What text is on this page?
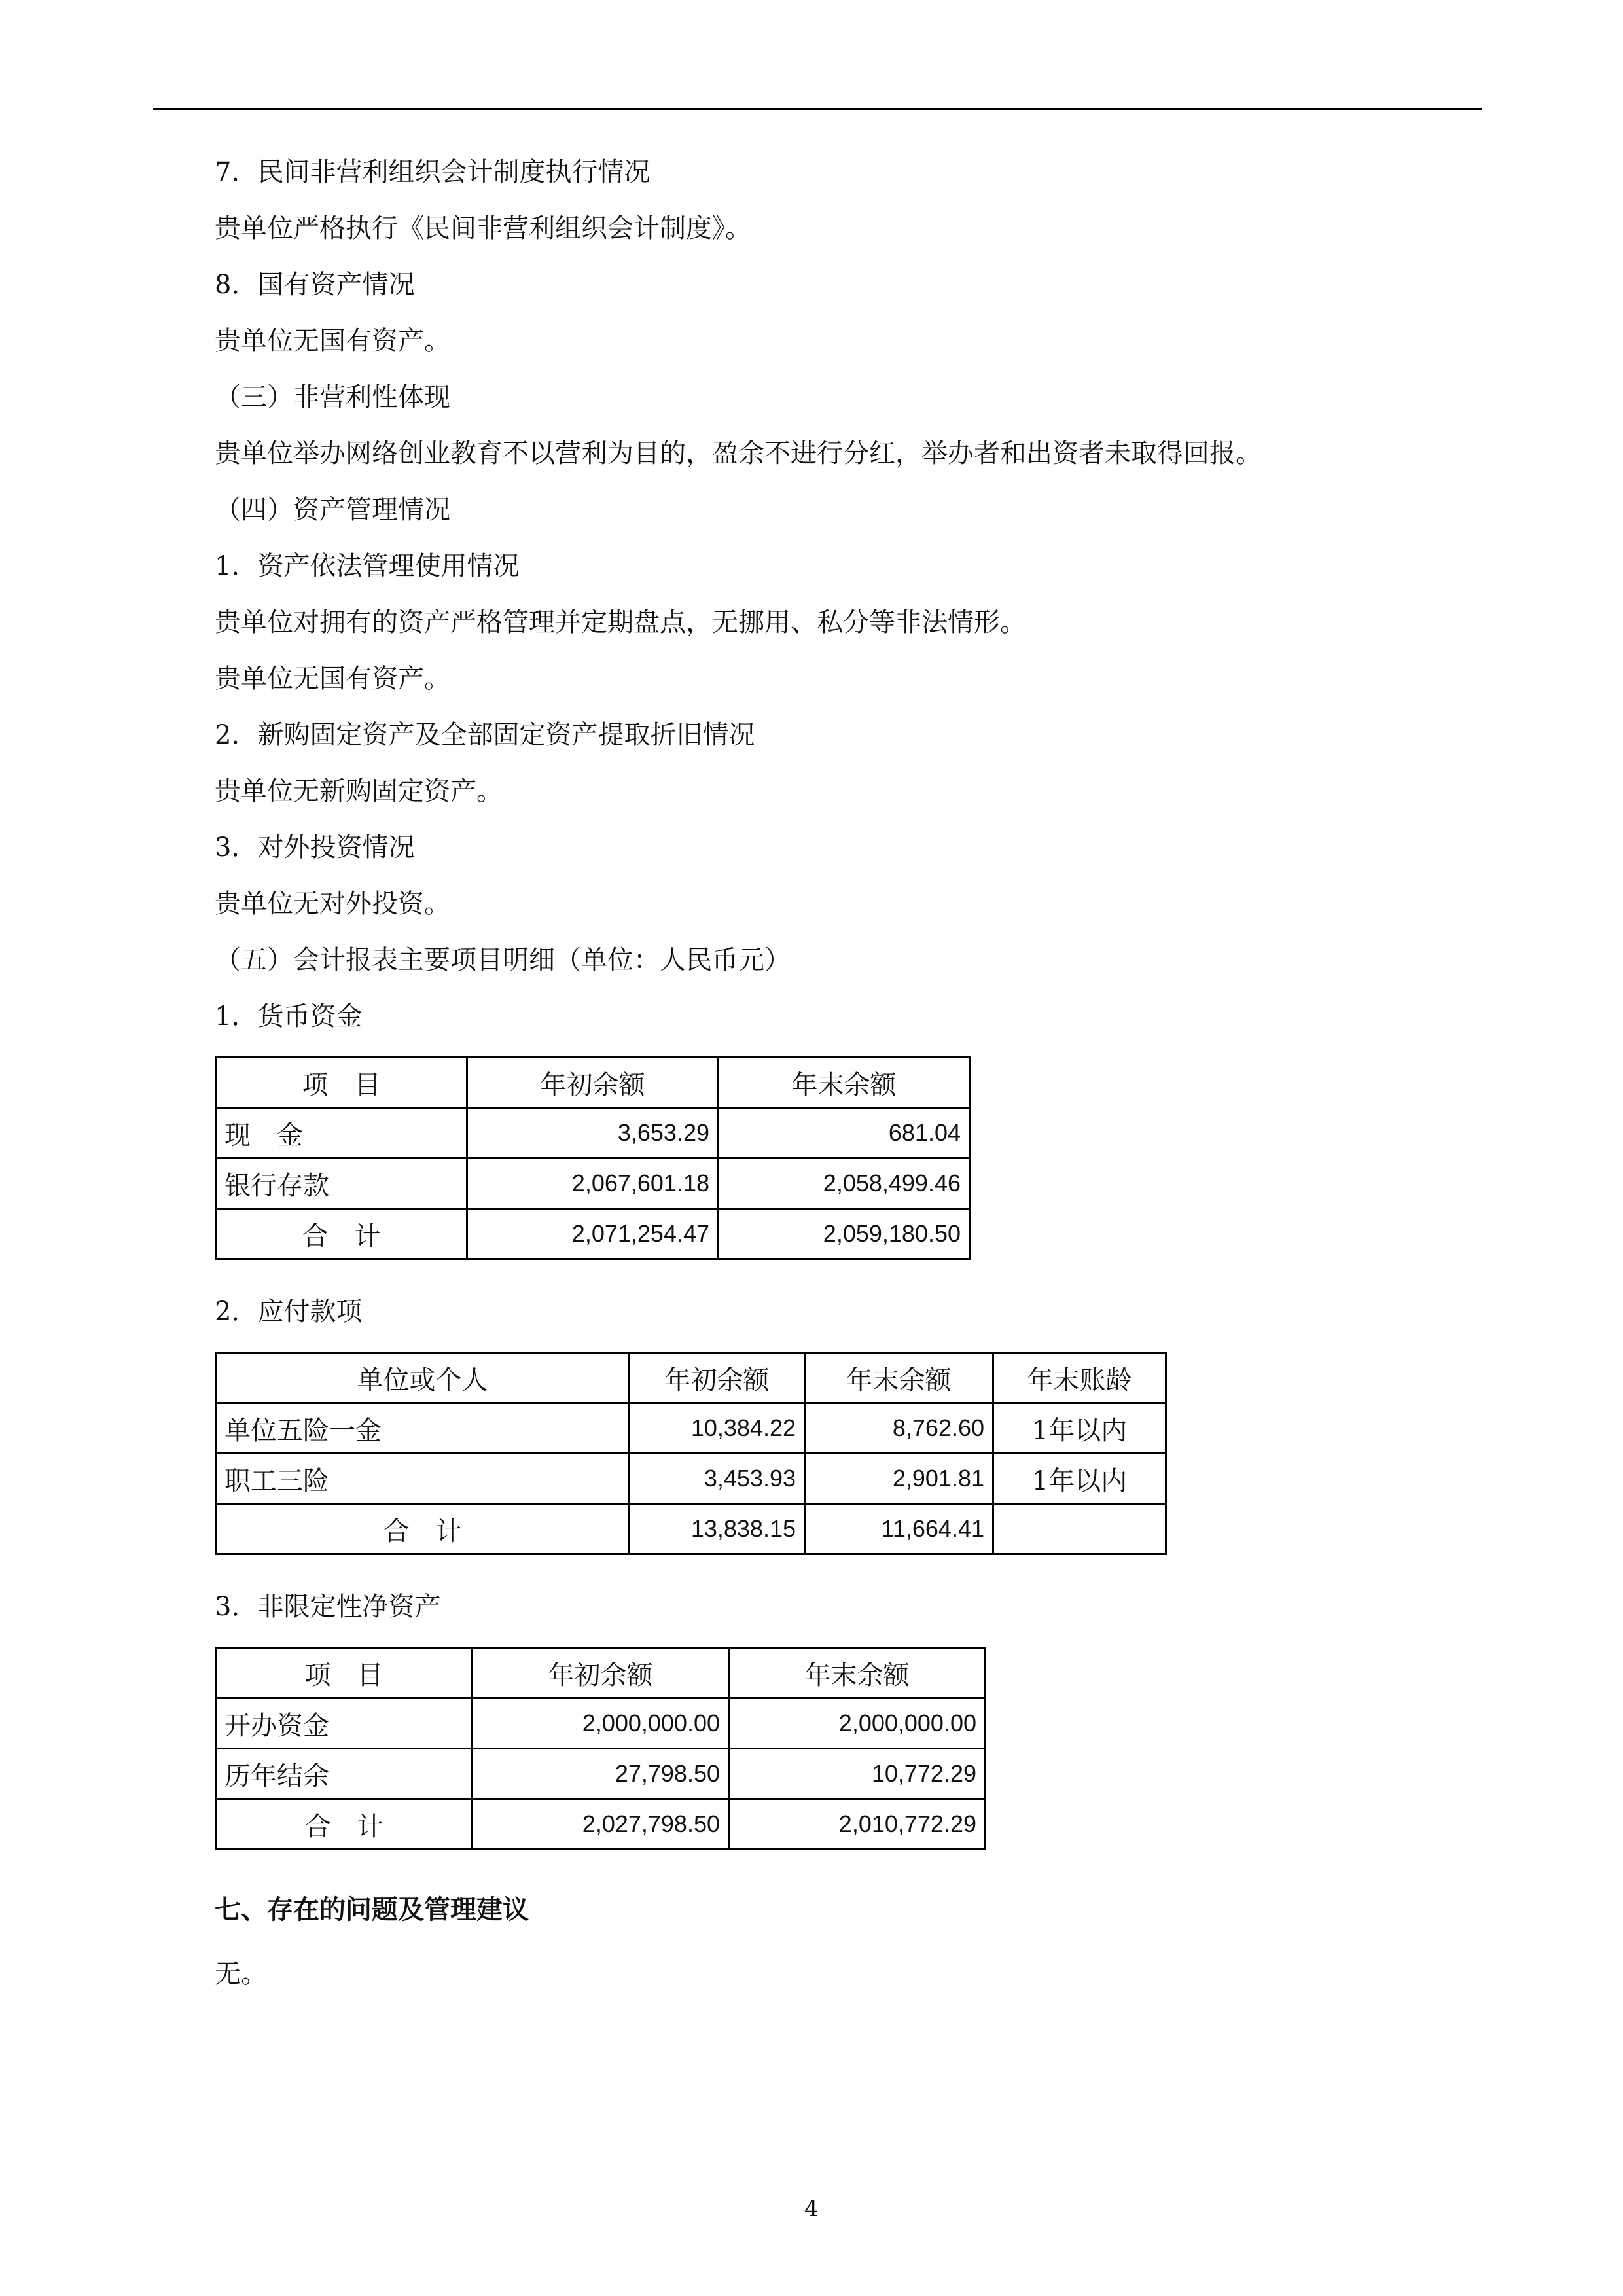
7．民间非营利组织会计制度执行情况
贵单位严格执行《民间非营利组织会计制度》。
8．国有资产情况
贵单位无国有资产。
（三）非营利性体现
贵单位举办网络创业教育不以营利为目的，盈余不进行分红，举办者和出资者未取得回报。
（四）资产管理情况
1．资产依法管理使用情况
贵单位对拥有的资产严格管理并定期盘点，无挪用、私分等非法情形。
贵单位无国有资产。
2．新购固定资产及全部固定资产提取折旧情况
贵单位无新购固定资产。
3．对外投资情况
贵单位无对外投资。
（五）会计报表主要项目明细（单位：人民币元）
1．货币资金
项　目	年初余额	年末余额
现　金	3,653.29	681.04
银行存款	2,067,601.18	2,058,499.46
合　计	2,071,254.47	2,059,180.50
2．应付款项
单位或个人	年初余额	年末余额	年末账龄
单位五险一金	10,384.22	8,762.60	1年以内
职工三险	3,453.93	2,901.81	1年以内
合　计	13,838.15	11,664.41	
3．非限定性净资产
项　目	年初余额	年末余额
开办资金	2,000,000.00	2,000,000.00
历年结余	27,798.50	10,772.29
合　计	2,027,798.50	2,010,772.29
七、存在的问题及管理建议
无。
4
